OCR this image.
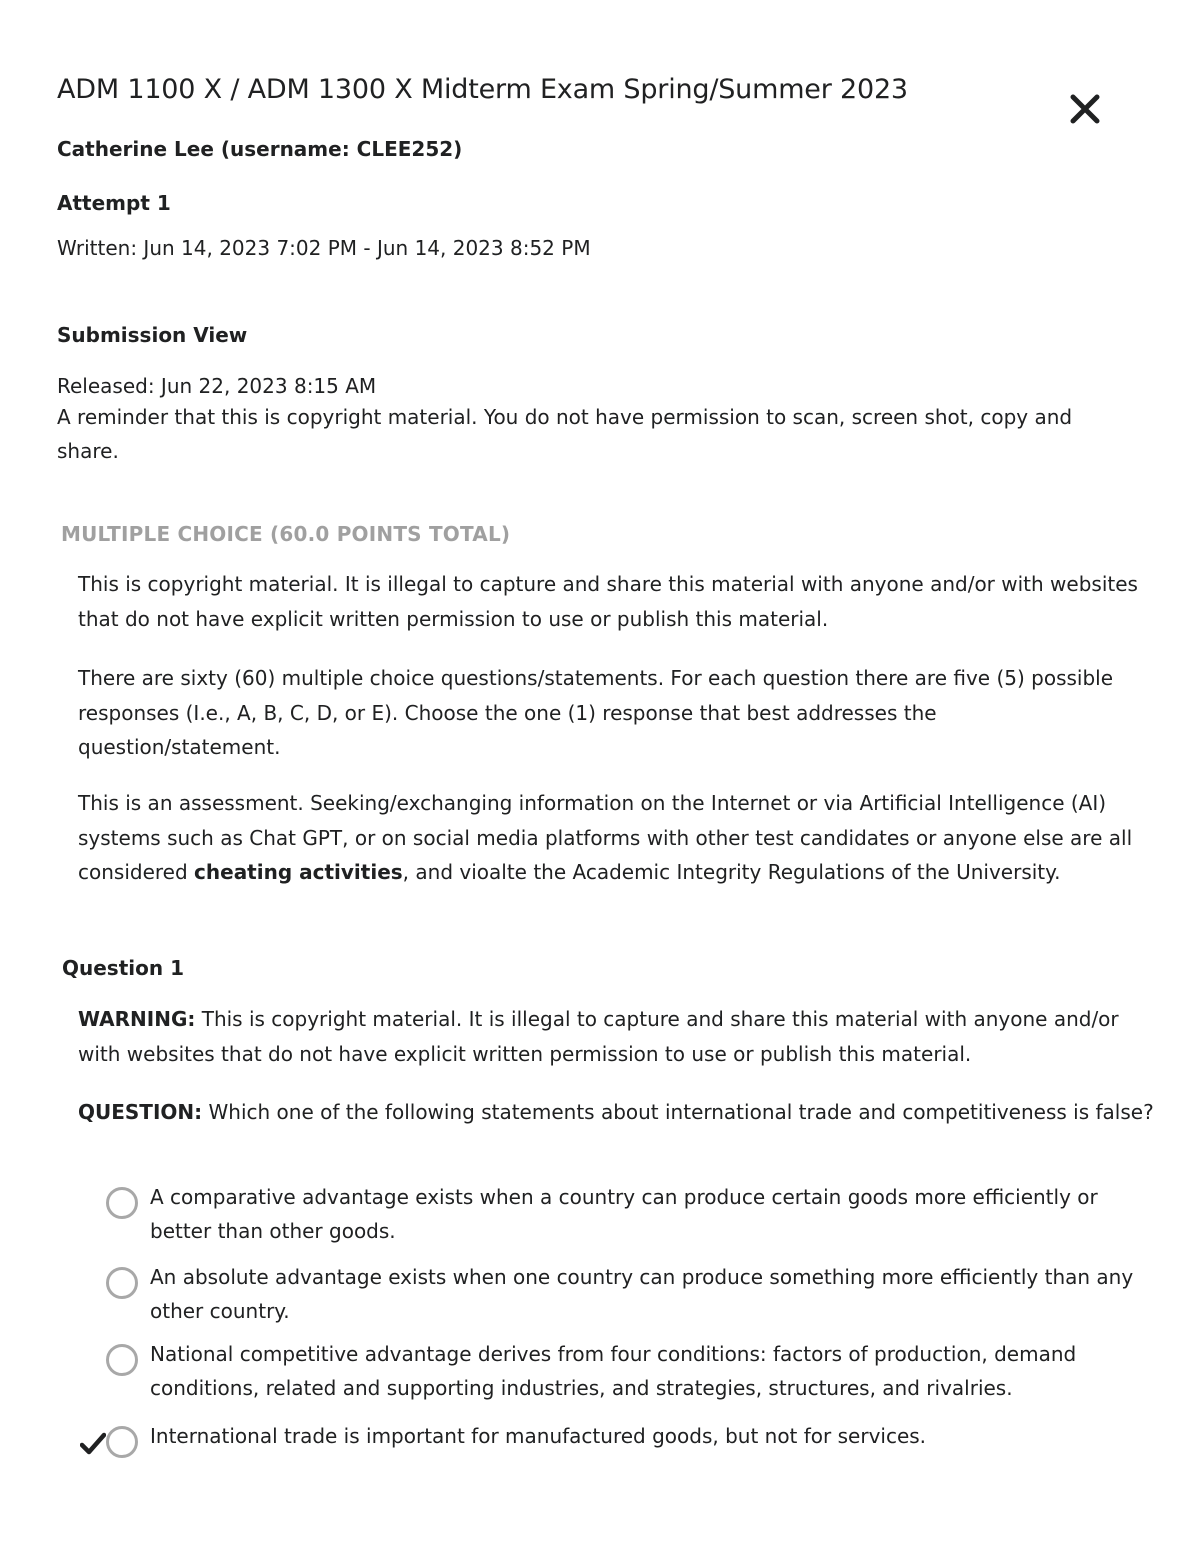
ADM 1100 X / ADM 1300 X Midterm Exam Spring/Summer 2023
Catherine Lee (username: CLEE252)
Attempt 1
Written: Jun 14, 2023 7:02 PM - Jun 14, 2023 8:52 PM
Submission View
Released: Jun 22, 2023 8:15 AM
A reminder that this is copyright material. You do not have permission to scan, screen shot, copy and share.
MULTIPLE CHOICE (60.0 POINTS TOTAL)

This is copyright material. It is illegal to capture and share this material with anyone and/or with websites that do not have explicit written permission to use or publish this material.

There are sixty (60) multiple choice questions/statements. For each question there are five (5) possible responses (I.e., A, B, C, D, or E). Choose the one (1) response that best addresses the question/statement.

This is an assessment. Seeking/exchanging information on the Internet or via Artificial Intelligence (AI) systems such as Chat GPT, or on social media platforms with other test candidates or anyone else are all considered cheating activities, and vioalte the Academic Integrity Regulations of the University.

Question 1

WARNING: This is copyright material. It is illegal to capture and share this material with anyone and/or with websites that do not have explicit written permission to use or publish this material.

QUESTION: Which one of the following statements about international trade and competitiveness is false?

A comparative advantage exists when a country can produce certain goods more efficiently or better than other goods.
An absolute advantage exists when one country can produce something more efficiently than any other country.
National competitive advantage derives from four conditions: factors of production, demand conditions, related and supporting industries, and strategies, structures, and rivalries.
International trade is important for manufactured goods, but not for services.
